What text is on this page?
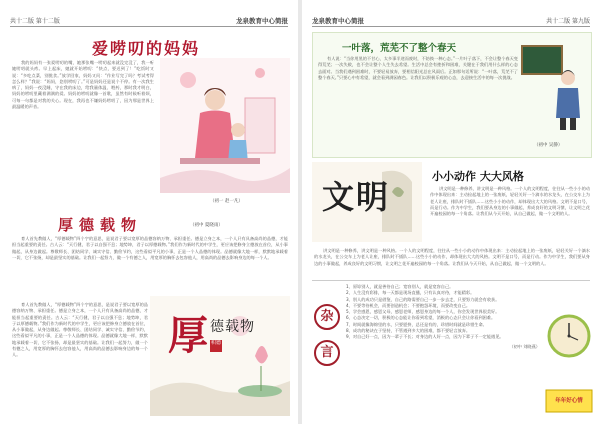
共十二版 第十二版	龙泉教育中心简报
爱唠叨的妈妈
我的妈妈有一张爱唠叨的嘴，她那张嘴一唠叨起来就没完没了，我一听她唠叨就头疼。早上起床，她就开始唠叨：“快点，要迟到了！”吃饭时又说：“多吃点菜，别挑食。”放学回家，妈妈又问：“作业写完了吗？考试考得怎么样？”我说：“妈妈，您别唠叨了。”可是妈妈还是说个不停。有一次我生病了，妈妈一夜没睡，守在我的床边，给我量体温、喂药，那时我才明白，妈妈的唠叨里藏着满满的爱。妈妈的唠叨就像一首歌，虽然有时候听着烦，可每一句都是对我的关心。现在，我再也不嫌妈妈唠叨了，因为那是世界上最温暖的声音。
（初一 赵一凡）
厚德载物	（初中 夏晓雨）
育人首先教做人，“厚德载物”四个字的意思，是说君子要以宽厚的品德容纳万物、承担重任。德是立身之本，一个人只有具备高尚的品德，才能担当起重要的责任。古人云：“天行健，君子以自强不息；地势坤，君子以厚德载物。”我们作为新时代的中学生，更应该把修身立德放在首位，从小事做起，从身边做起。尊敬师长、团结同学、诚实守信、勤俭节约，这些看似平凡的小事，正是一个人品德的体现。品德就像大地一样，默默地承载着一切，它不张扬，却是最坚实的基础。让我们一起努力，做一个有德之人，用宽厚的胸怀去包容他人，用高尚的品德去影响身边的每一个人。
育人首先教做人，“厚德载物”四个字的意思，是说君子要以宽厚的品德容纳万物、承担重任。德是立身之本，一个人只有具备高尚的品德，才能担当起重要的责任。古人云：“天行健，君子以自强不息；地势坤，君子以厚德载物。”我们作为新时代的中学生，更应该把修身立德放在首位，从小事做起，从身边做起。尊敬师长、团结同学、诚实守信、勤俭节约，这些看似平凡的小事，正是一个人品德的体现。品德就像大地一样，默默地承载着一切，它不张扬，却是最坚实的基础。让我们一起努力，做一个有德之人，用宽厚的胸怀去包容他人，用高尚的品德去影响身边的每一个人。	厚 德载物
积德
龙泉教育中心简报	共十二版 第九版
一叶落，荒芜不了整个春天
有人说：“当你用黑的不甘心，太多事半途而废时，不妨换一种心态。”一片叶子落下，不会让整个春天变得荒芜；一次失败，也不会让整个人生失去希望。生活中总会有挫折和困难，关键在于我们用什么样的心态去面对。当我们遇到困难时，不要轻易放弃，要相信阳光总在风雨后。正如那句话所说：“一叶落，荒芜不了整个春天。”只要心中有希望，就会看到满园春色。让我们以积极乐观的心态，去迎接生活中的每一次挑战。
（初中 吴静）
文明
小小动作 大大风格
讲文明是一种修养，讲文明是一种风格。一个人的文明程度，往往从一些小小的动作中体现出来：主动捡起地上的一张废纸，轻轻关好一个滴水的水龙头，在公交车上为老人让座，排队时不插队……这些小小的动作，却体现出大大的风格。文明不是口号，而是行动。作为中学生，我们要从身边的小事做起，养成良好的文明习惯，让文明之花开遍校园的每一个角落。让我们从今天开始，从自己做起，做一个文明的人。
讲文明是一种修养，讲文明是一种风格。一个人的文明程度，往往从一些小小的动作中体现出来：主动捡起地上的一张废纸，轻轻关好一个滴水的水龙头，在公交车上为老人让座，排队时不插队……这些小小的动作，却体现出大大的风格。文明不是口号，而是行动。作为中学生，我们要从身边的小事做起，养成良好的文明习惯，让文明之花开遍校园的每一个角落。让我们从今天开始，从自己做起，做一个文明的人。
杂
言
1、原谅别人，就是善待自己；宽容别人，就是宽容自己。
2、人生没有彩排，每一天都是现场直播，只有认真对待，才能精彩。
3、别人的成功只是借鉴，自己的路需要自己一步一步去走，只要努力就会有收获。
4、不要等待机会，而要创造机会；不要抱怨环境，而要改变自己。
5、学会感恩，感恩父母，感恩老师，感恩身边的每一个人，你会发现世界很美好。
6、心态决定一切，积极的心态能让你看到希望，消极的心态只会让你看到困难。
7、时间就像海绵里的水，只要愿挤，总还是有的，珍惜时间就是珍惜生命。
8、成功的秘诀在于坚持，不管遇到多大的困难，都不要轻言放弃。
9、对自己好一点，因为一辈子不长；对身边的人好一点，因为下辈子不一定能遇见。
（初中 刘晓燕）
年年好心情
